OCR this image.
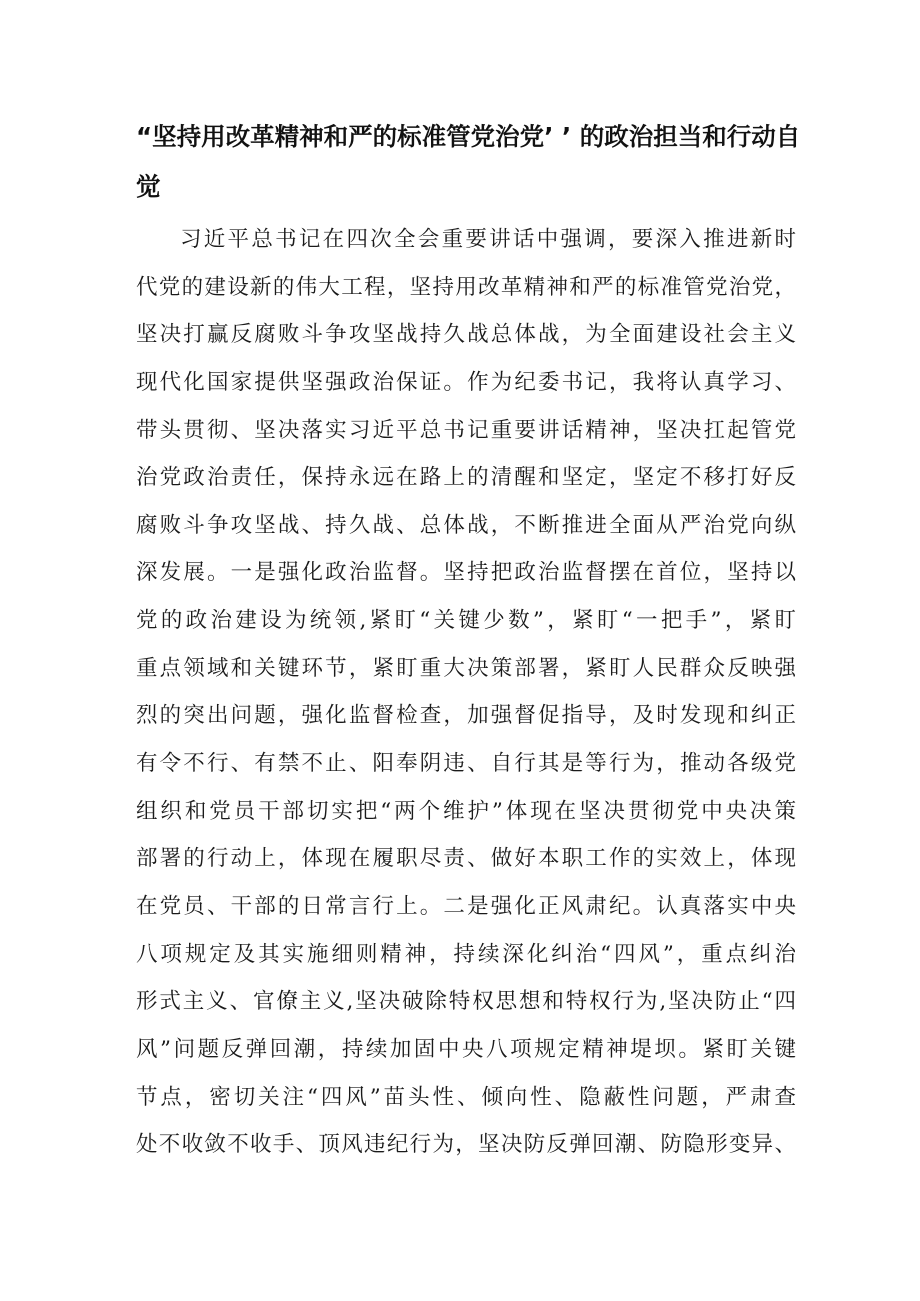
“坚持用改革精神和严的标准管党治党’ ’ 的政治担当和行动自
觉
习近平总书记在四次全会重要讲话中强调，要深入推进新时
代党的建设新的伟大工程，坚持用改革精神和严的标准管党治党，
坚决打赢反腐败斗争攻坚战持久战总体战，为全面建设社会主义
现代化国家提供坚强政治保证。作为纪委书记，我将认真学习、
带头贯彻、坚决落实习近平总书记重要讲话精神，坚决扛起管党
治党政治责任，保持永远在路上的清醒和坚定，坚定不移打好反
腐败斗争攻坚战、持久战、总体战，不断推进全面从严治党向纵
深发展。一是强化政治监督。坚持把政治监督摆在首位，坚持以
党的政治建设为统领,紧盯“关键少数”，紧盯“一把手”，紧盯
重点领域和关键环节，紧盯重大决策部署，紧盯人民群众反映强
烈的突出问题，强化监督检查，加强督促指导，及时发现和纠正
有令不行、有禁不止、阳奉阴违、自行其是等行为，推动各级党
组织和党员干部切实把“两个维护”体现在坚决贯彻党中央决策
部署的行动上，体现在履职尽责、做好本职工作的实效上，体现
在党员、干部的日常言行上。二是强化正风肃纪。认真落实中央
八项规定及其实施细则精神，持续深化纠治“四风”，重点纠治
形式主义、官僚主义,坚决破除特权思想和特权行为,坚决防止“四
风”问题反弹回潮，持续加固中央八项规定精神堤坝。紧盯关键
节点，密切关注“四风”苗头性、倾向性、隐蔽性问题，严肃查
处不收敛不收手、顶风违纪行为，坚决防反弹回潮、防隐形变异、
